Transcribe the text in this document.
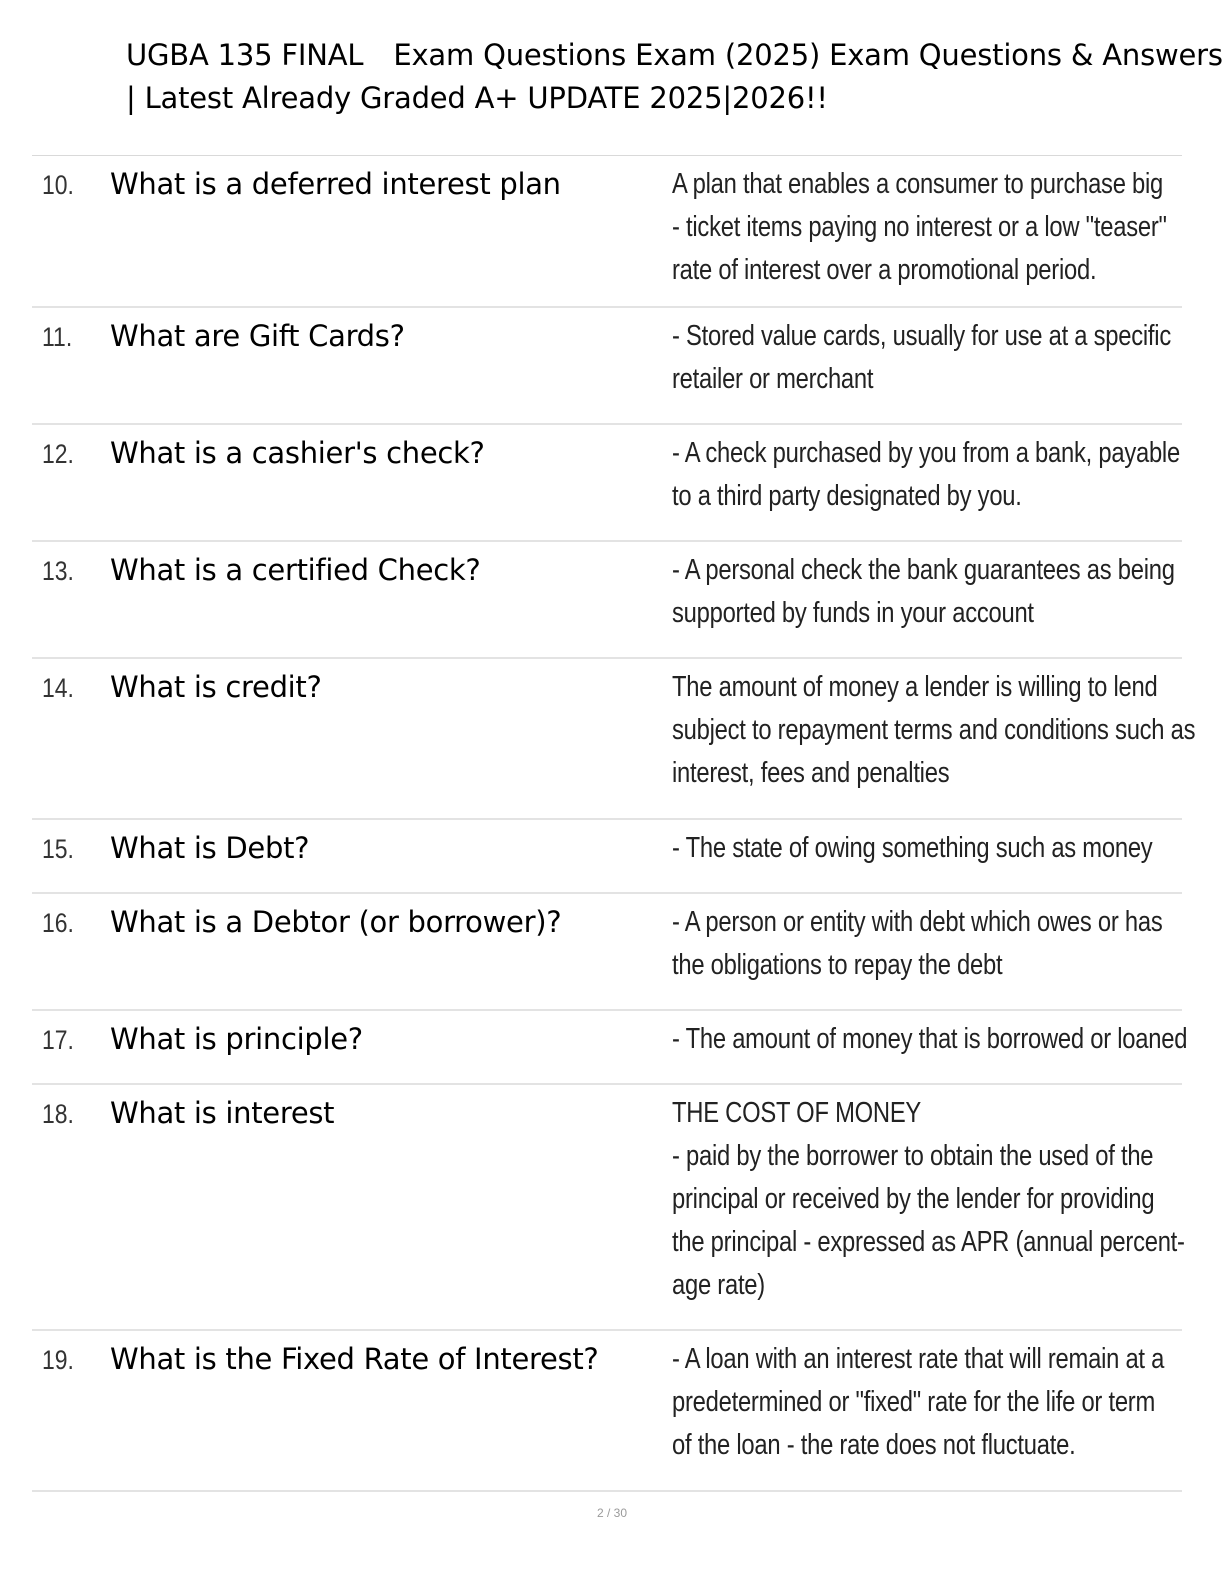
UGBA 135 FINAL Exam Questions Exam (2025) Exam Questions & Answers
| Latest Already Graded A+ UPDATE 2025|2026!!
10. What is a deferred interest plan	A plan that enables a consumer to purchase big
- ticket items paying no interest or a low "teaser"
rate of interest over a promotional period.
11. What are Gift Cards?	- Stored value cards, usually for use at a specific
retailer or merchant
12. What is a cashier's check?	- A check purchased by you from a bank, payable
to a third party designated by you.
13. What is a certified Check?	- A personal check the bank guarantees as being
supported by funds in your account
14. What is credit?	The amount of money a lender is willing to lend
subject to repayment terms and conditions such as
interest, fees and penalties
15. What is Debt?	- The state of owing something such as money
16. What is a Debtor (or borrower)?	- A person or entity with debt which owes or has
the obligations to repay the debt
17. What is principle?	- The amount of money that is borrowed or loaned
18. What is interest	THE COST OF MONEY
- paid by the borrower to obtain the used of the
principal or received by the lender for providing
the principal - expressed as APR (annual percent-
age rate)
19. What is the Fixed Rate of Interest?	- A loan with an interest rate that will remain at a
predetermined or "fixed" rate for the life or term
of the loan - the rate does not fluctuate.
2 / 30
